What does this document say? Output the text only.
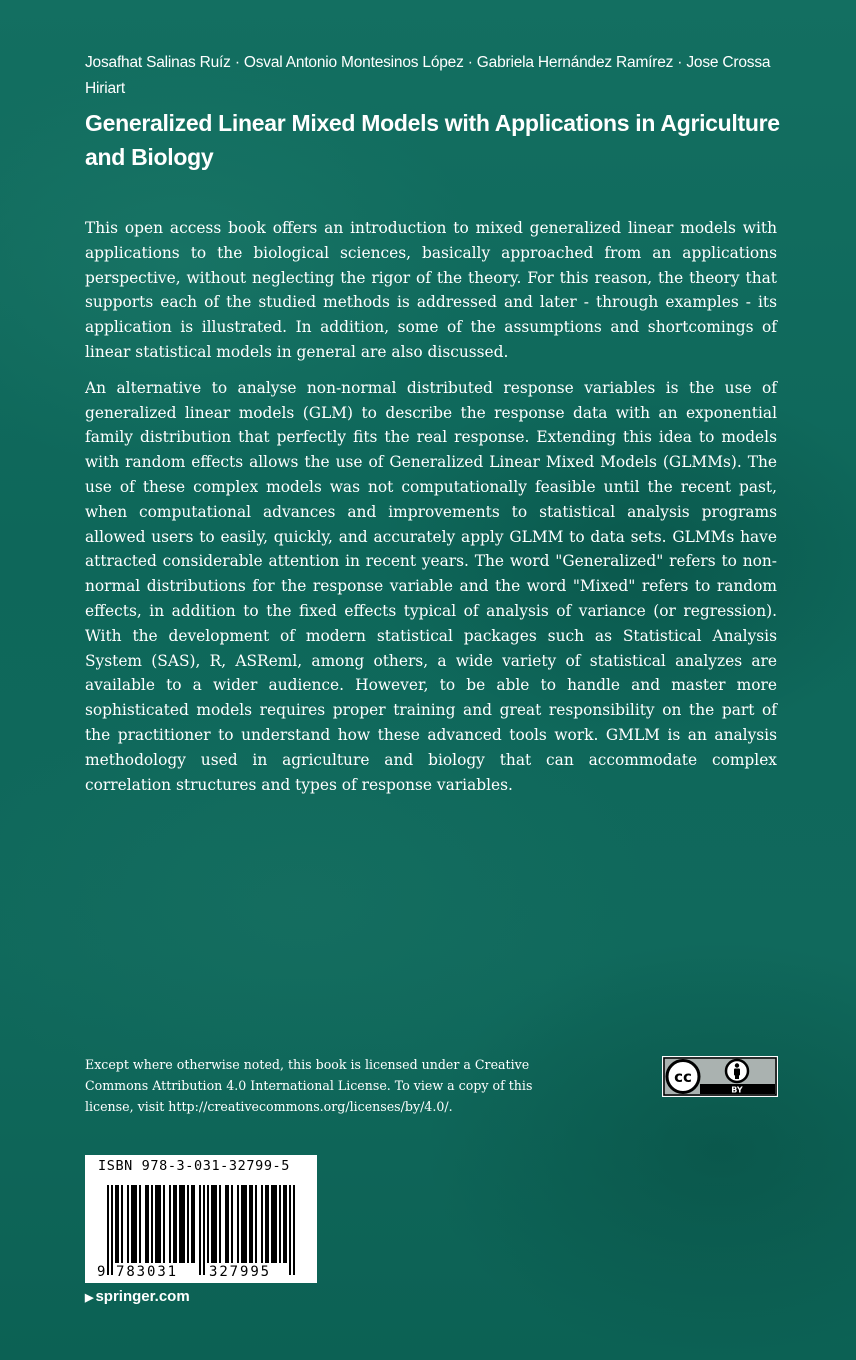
Josafhat Salinas Ruíz · Osval Antonio Montesinos López · Gabriela Hernández Ramírez · Jose Crossa Hiriart
Generalized Linear Mixed Models with Applications in Agriculture and Biology

This open access book offers an introduction to mixed generalized linear models with applications to the biological sciences, basically approached from an applications perspective, without neglecting the rigor of the theory. For this reason, the theory that supports each of the studied methods is addressed and later - through examples - its application is illustrated. In addition, some of the assumptions and shortcomings of linear statistical models in general are also discussed.

An alternative to analyse non-normal distributed response variables is the use of generalized linear models (GLM) to describe the response data with an exponential family distribution that perfectly fits the real response. Extending this idea to models with random effects allows the use of Generalized Linear Mixed Models (GLMMs). The use of these complex models was not computationally feasible until the recent past, when computational advances and improvements to statistical analysis programs allowed users to easily, quickly, and accurately apply GLMM to data sets. GLMMs have attracted considerable attention in recent years. The word "Generalized" refers to non-normal distributions for the response variable and the word "Mixed" refers to random effects, in addition to the fixed effects typical of analysis of variance (or regression). With the development of modern statistical packages such as Statistical Analysis System (SAS), R, ASReml, among others, a wide variety of statistical analyzes are available to a wider audience. However, to be able to handle and master more sophisticated models requires proper training and great responsibility on the part of the practitioner to understand how these advanced tools work. GMLM is an analysis methodology used in agriculture and biology that can accommodate complex correlation structures and types of response variables.

Except where otherwise noted, this book is licensed under a Creative Commons Attribution 4.0 International License. To view a copy of this license, visit http://creativecommons.org/licenses/by/4.0/.
cc
BY
ISBN 978-3-031-32799-5
9 783031 327995
▶ springer.com
